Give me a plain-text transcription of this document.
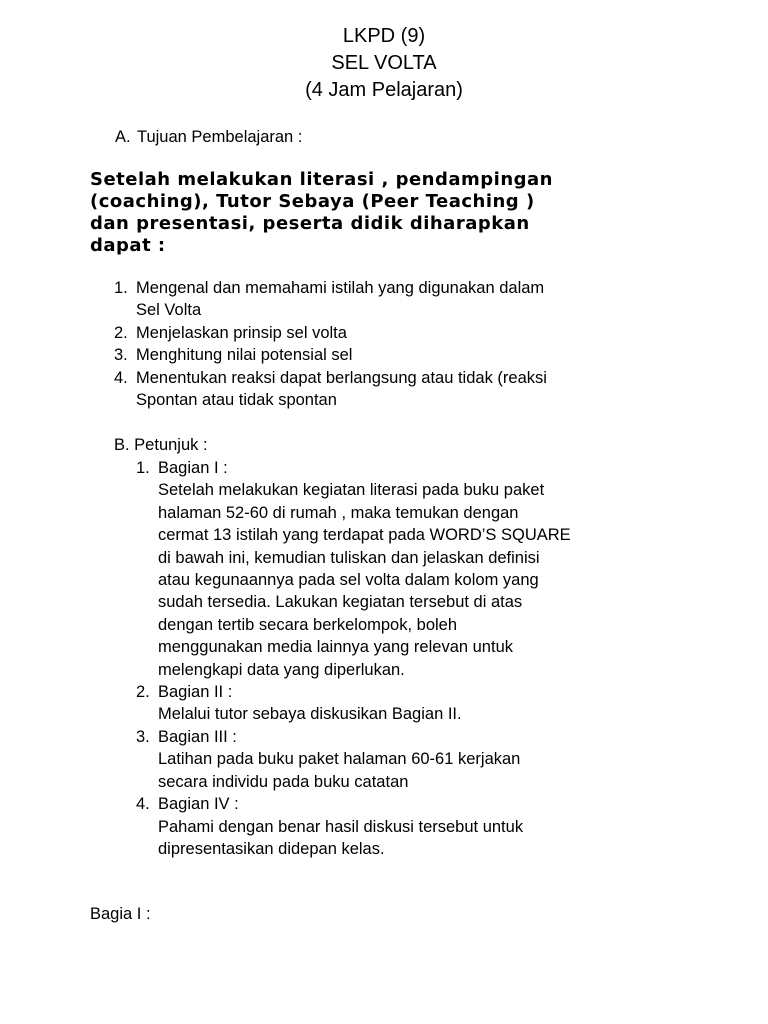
LKPD (9)
SEL VOLTA
(4 Jam Pelajaran)
A. Tujuan Pembelajaran :
Setelah melakukan literasi , pendampingan
(coaching), Tutor Sebaya (Peer Teaching )
dan presentasi, peserta didik diharapkan
dapat :
1. Mengenal dan memahami istilah yang digunakan dalam
Sel Volta
2. Menjelaskan prinsip sel volta
3. Menghitung nilai potensial sel
4. Menentukan reaksi dapat berlangsung atau tidak (reaksi
Spontan atau tidak spontan
B. Petunjuk :
1. Bagian I :
Setelah melakukan kegiatan literasi pada buku paket
halaman 52-60 di rumah , maka temukan dengan
cermat 13 istilah yang terdapat pada WORD’S SQUARE
di bawah ini, kemudian tuliskan dan jelaskan definisi
atau kegunaannya pada sel volta dalam kolom yang
sudah tersedia. Lakukan kegiatan tersebut di atas
dengan tertib secara berkelompok, boleh
menggunakan media lainnya yang relevan untuk
melengkapi data yang diperlukan.
2. Bagian II :
Melalui tutor sebaya diskusikan Bagian II.
3. Bagian III :
Latihan pada buku paket halaman 60-61 kerjakan
secara individu pada buku catatan
4. Bagian IV :
Pahami dengan benar hasil diskusi tersebut untuk
dipresentasikan didepan kelas.
Bagia I :
